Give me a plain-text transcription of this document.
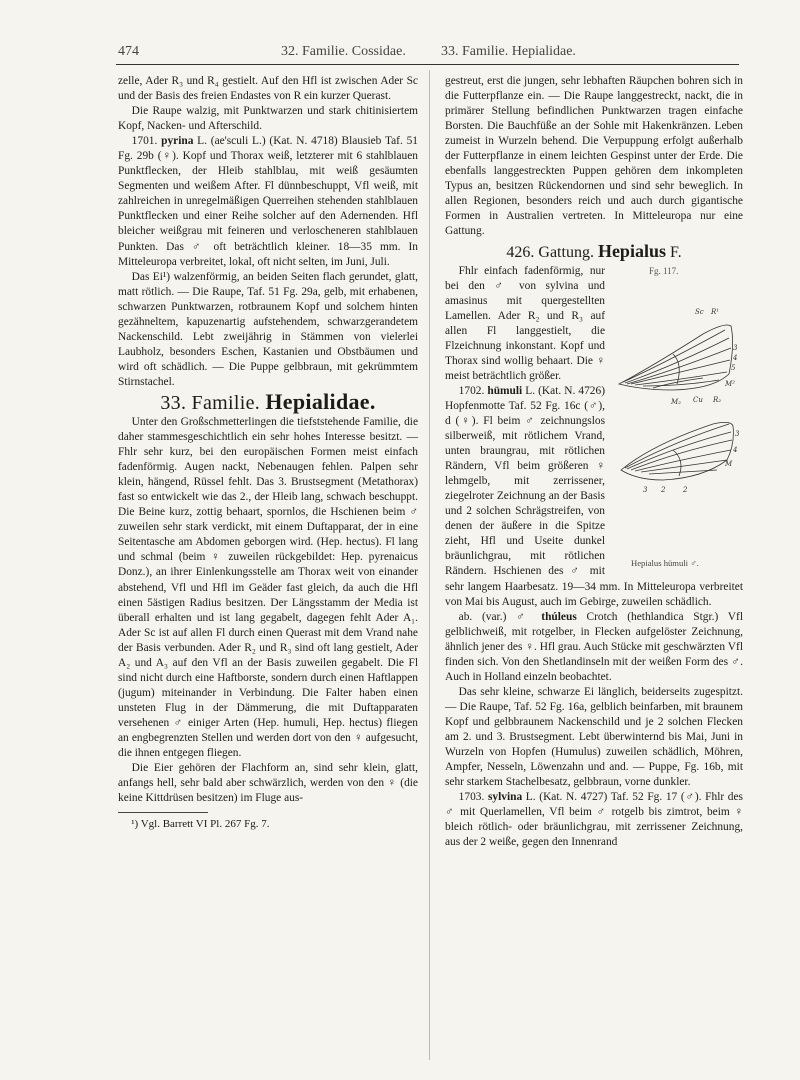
474	32. Familie. Cossidae.	33. Familie. Hepialidae.

zelle, Ader R₃ und R₄ gestielt. Auf den Hfl ist zwischen Ader Sc und der Basis des freien Endastes von R ein kurzer Querast.

Die Raupe walzig, mit Punktwarzen und stark chitinisiertem Kopf, Nacken- und Afterschild.

1701. pyrina L. (ae'sculi L.) (Kat. N. 4718) Blausieb Taf. 51 Fg. 29b (♀). Kopf und Thorax weiß, letzterer mit 6 stahlblauen Punktflecken, der Hleib stahlblau, mit weiß gesäumten Segmenten und weißem After. Fl dünnbeschuppt, Vfl weiß, mit zahlreichen in unregelmäßigen Querreihen stehenden stahlblauen Punktflecken und einer Reihe solcher auf den Adernenden. Hfl bleicher weißgrau mit feineren und verloscheneren stahlblauen Punkten. Das ♂ oft beträchtlich kleiner. 18—35 mm. In Mitteleuropa verbreitet, lokal, oft nicht selten, im Juni, Juli.

Das Ei¹) walzenförmig, an beiden Seiten flach gerundet, glatt, matt rötlich. — Die Raupe, Taf. 51 Fg. 29a, gelb, mit erhabenen, schwarzen Punktwarzen, rotbraunem Kopf und solchem hinten gezähneltem, kapuzenartig aufstehendem, schwarzgerandetem Nackenschild. Lebt zweijährig in Stämmen von vielerlei Laubholz, besonders Eschen, Kastanien und Obstbäumen und wird oft schädlich. — Die Puppe gelbbraun, mit gekrümmtem Stirnstachel.

33. Familie. Hepialidae.

Unter den Großschmetterlingen die tiefststehende Familie, die daher stammesgeschichtlich ein sehr hohes Interesse besitzt. — Fhlr sehr kurz, bei den europäischen Formen meist einfach fadenförmig. Augen nackt, Nebenaugen fehlen. Palpen sehr klein, hängend, Rüssel fehlt. Das 3. Brustsegment (Metathorax) fast so entwickelt wie das 2., der Hleib lang, schwach beschuppt. Die Beine kurz, zottig behaart, spornlos, die Hschienen beim ♂ zuweilen sehr stark verdickt, mit einem Duftapparat, der in eine Seitentasche am Abdomen geborgen wird. (Hep. hectus). Fl lang und schmal (beim ♀ zuweilen rückgebildet: Hep. pyrenaicus Donz.), an ihrer Einlenkungsstelle am Thorax weit von einander abstehend, Vfl und Hfl im Geäder fast gleich, da auch die Hfl einen 5ästigen Radius besitzen. Der Längsstamm der Media ist überall erhalten und ist lang gegabelt, dagegen fehlt Ader A₁. Ader Sc ist auf allen Fl durch einen Querast mit dem Vrand nahe der Basis verbunden. Ader R₂ und R₃ sind oft lang gestielt, Ader A₂ und A₃ auf den Vfl an der Basis zuweilen gegabelt. Die Fl sind nicht durch eine Haftborste, sondern durch einen Haftlappen (jugum) miteinander in Verbindung. Die Falter haben einen unsteten Flug in der Dämmerung, die mit Duftapparaten versehenen ♂ einiger Arten (Hep. humuli, Hep. hectus) fliegen an engbegrenzten Stellen und werden dort von den ♀ aufgesucht, die ihnen entgegen fliegen.

Die Eier gehören der Flachform an, sind sehr klein, glatt, anfangs hell, sehr bald aber schwärzlich, werden von den ♀ (die keine Kittdrüsen besitzen) im Fluge aus-

¹) Vgl. Barrett VI Pl. 267 Fg. 7.

gestreut, erst die jungen, sehr lebhaften Räupchen bohren sich in die Futterpflanze ein. — Die Raupe langgestreckt, nackt, die in primärer Stellung befindlichen Punktwarzen tragen einfache Borsten. Die Bauchfüße an der Sohle mit Hakenkränzen. Leben zumeist in Wurzeln behend. Die Verpuppung erfolgt außerhalb der Futterpflanze in einem leichten Gespinst unter der Erde. Die ebenfalls langgestreckten Puppen gehören dem inkompleten Typus an, besitzen Rückendornen und sind sehr beweglich. In allen Regionen, besonders reich und auch durch gigantische Formen in Australien vertreten. In Mitteleuropa nur eine Gattung.

426. Gattung. Hepialus F.

Fg. 117.
Sc R¹
3
4
5
M²
Cu R₂
M₂
3
4
M
3 2	2
Hepialus hümuli ♂.

Fhlr einfach fadenförmig, nur bei den ♂ von sylvina und amasinus mit quergestellten Lamellen. Ader R₂ und R₃ auf allen Fl langgestielt, die Flzeichnung inkonstant. Kopf und Thorax sind wollig behaart. Die ♀ meist beträchtlich größer.

1702. hümuli L. (Kat. N. 4726) Hopfenmotte Taf. 52 Fg. 16c (♂), d (♀). Fl beim ♂ zeichnungslos silberweiß, mit rötlichem Vrand, unten braungrau, mit rötlichen Rändern, Vfl beim größeren ♀ lehmgelb, mit zerrissener, ziegelroter Zeichnung an der Basis und 2 solchen Schrägstreifen, von denen der äußere in die Spitze zieht, Hfl und Useite dunkel bräunlichgrau, mit rötlichen Rändern. Hschienen des ♂ mit sehr langem Haarbesatz. 19—34 mm. In Mitteleuropa verbreitet von Mai bis August, auch im Gebirge, zuweilen schädlich.

ab. (var.) ♂ thúleus Crotch (hethlandica Stgr.) Vfl gelblichweiß, mit rotgelber, in Flecken aufgelöster Zeichnung, ähnlich jener des ♀. Hfl grau. Auch Stücke mit geschwärzten Vfl finden sich. Von den Shetlandinseln mit der weißen Form des ♂. Auch in Holland einzeln beobachtet.

Das sehr kleine, schwarze Ei länglich, beiderseits zugespitzt. — Die Raupe, Taf. 52 Fg. 16a, gelblich beinfarben, mit braunem Kopf und gelbbraunem Nackenschild und je 2 solchen Flecken am 2. und 3. Brustsegment. Lebt überwinternd bis Mai, Juni in Wurzeln von Hopfen (Humulus) zuweilen schädlich, Möhren, Ampfer, Nesseln, Löwenzahn und and. — Puppe, Fg. 16b, mit sehr starkem Stachelbesatz, gelbbraun, vorne dunkler.

1703. sylvina L. (Kat. N. 4727) Taf. 52 Fg. 17 (♂). Fhlr des ♂ mit Querlamellen, Vfl beim ♂ rotgelb bis zimtrot, beim ♀ bleich rötlich- oder bräunlichgrau, mit zerrissener Zeichnung, aus der 2 weiße, gegen den Innenrand
